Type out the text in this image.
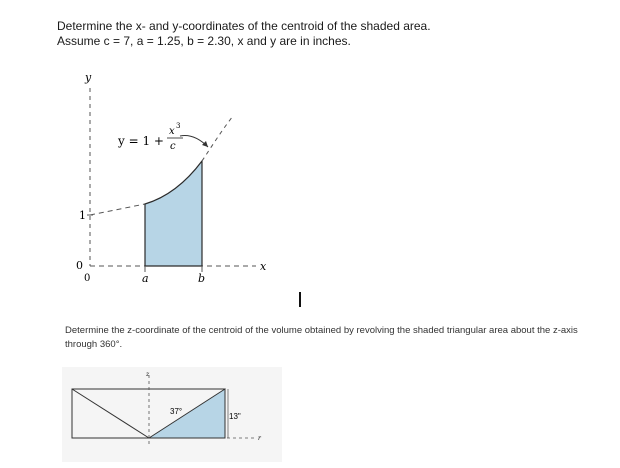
Determine the x- and y-coordinates of the centroid of the shaded area.
Assume c = 7, a = 1.25, b = 2.30, x and y are in inches.
y
x
0
0
1
a	b
y = 1 +
x 3
c
Determine the z-coordinate of the centroid of the volume obtained by revolving the shaded triangular area about the z-axis through 360°.
z
r
37°
13"
